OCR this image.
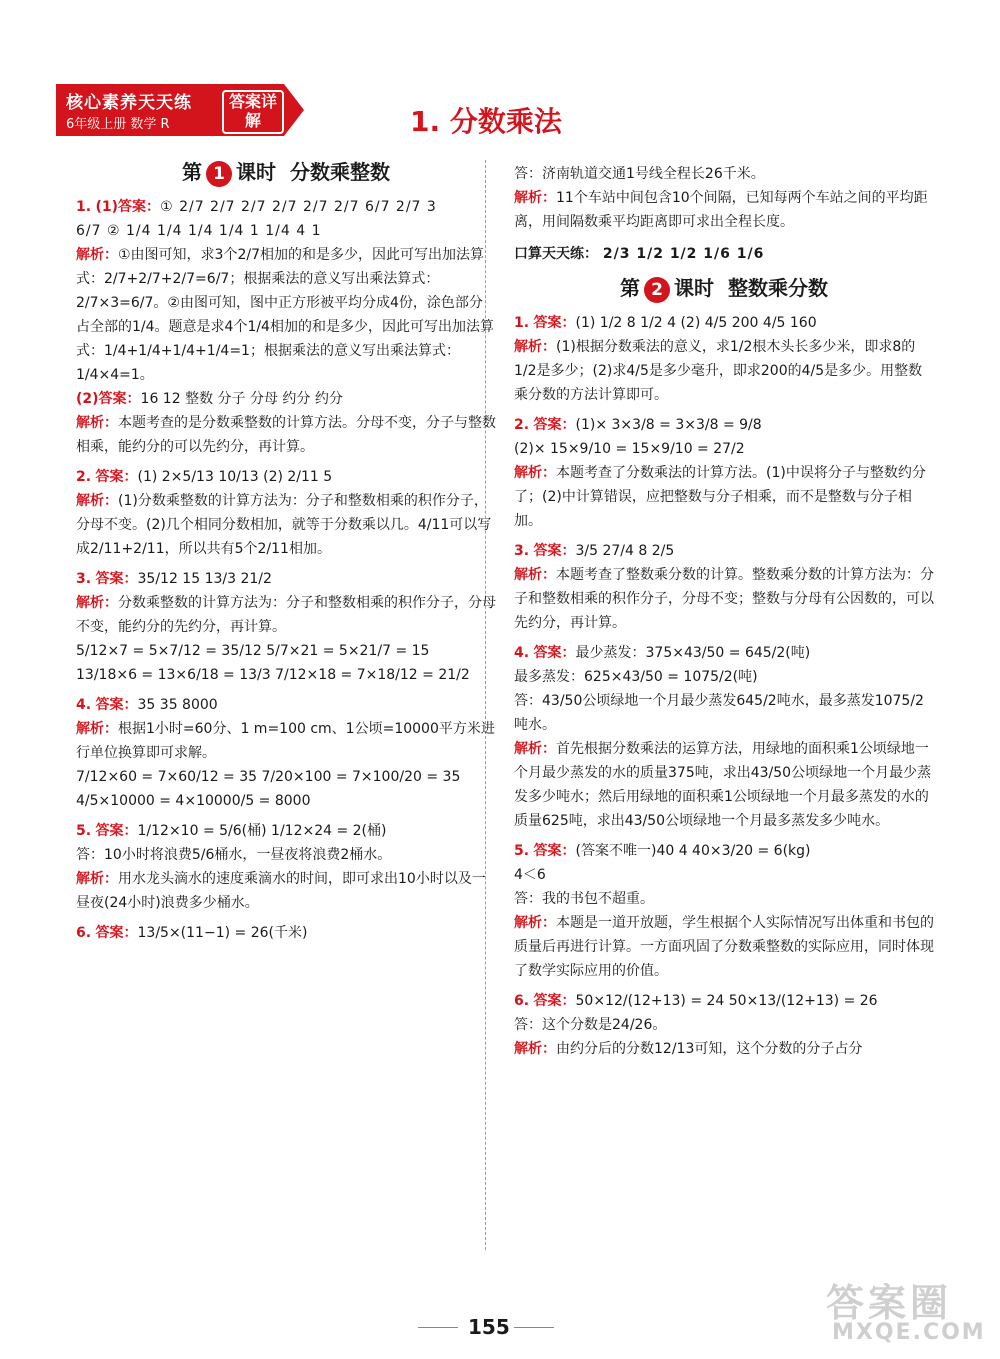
核心素养天天练
6年级上册 数学 R
答案详解	1. 分数乘法
第 1 课时 分数乘整数
1. (1)答案：① 2/7 2/7 2/7 2/7 2/7 2/7 6/7 2/7 3
6/7 ② 1/4 1/4 1/4 1/4 1 1/4 4 1
解析：①由图可知，求3个2/7相加的和是多少，因此可写出加法算式：2/7+2/7+2/7=6/7；根据乘法的意义写出乘法算式：2/7×3=6/7。②由图可知，图中正方形被平均分成4份，涂色部分占全部的1/4。题意是求4个1/4相加的和是多少，因此可写出加法算式：1/4+1/4+1/4+1/4=1；根据乘法的意义写出乘法算式：1/4×4=1。
(2)答案：16 12 整数 分子 分母 约分 约分
解析：本题考查的是分数乘整数的计算方法。分母不变，分子与整数相乘，能约分的可以先约分，再计算。
2. 答案：(1) 2×5/13 10/13 (2) 2/11 5
解析：(1)分数乘整数的计算方法为：分子和整数相乘的积作分子，分母不变。(2)几个相同分数相加，就等于分数乘以几。4/11可以写成2/11+2/11，所以共有5个2/11相加。
3. 答案：35/12 15 13/3 21/2
解析：分数乘整数的计算方法为：分子和整数相乘的积作分子，分母不变，能约分的先约分，再计算。
5/12×7 = 5×7/12 = 35/12 5/7×21 = 5×21/7 = 15
13/18×6 = 13×6/18 = 13/3 7/12×18 = 7×18/12 = 21/2
4. 答案：35 35 8000
解析：根据1小时=60分、1 m=100 cm、1公顷=10000平方米进行单位换算即可求解。
7/12×60 = 7×60/12 = 35 7/20×100 = 7×100/20 = 35
4/5×10000 = 4×10000/5 = 8000
5. 答案：1/12×10 = 5/6(桶) 1/12×24 = 2(桶)
答：10小时将浪费5/6桶水，一昼夜将浪费2桶水。
解析：用水龙头滴水的速度乘滴水的时间，即可求出10小时以及一昼夜(24小时)浪费多少桶水。
6. 答案：13/5×(11−1) = 26(千米)
答：济南轨道交通1号线全程长26千米。
解析：11个车站中间包含10个间隔，已知每两个车站之间的平均距离，用间隔数乘平均距离即可求出全程长度。
口算天天练： 2/3 1/2 1/2 1/6 1/6
第 2 课时 整数乘分数
1. 答案：(1) 1/2 8 1/2 4 (2) 4/5 200 4/5 160
解析：(1)根据分数乘法的意义，求1/2根木头长多少米，即求8的1/2是多少；(2)求4/5是多少毫升，即求200的4/5是多少。用整数乘分数的方法计算即可。
2. 答案：(1)× 3×3/8 = 3×3/8 = 9/8
(2)× 15×9/10 = 15×9/10 = 27/2
解析：本题考查了分数乘法的计算方法。(1)中误将分子与整数约分了；(2)中计算错误，应把整数与分子相乘，而不是整数与分子相加。
3. 答案：3/5 27/4 8 2/5
解析：本题考查了整数乘分数的计算。整数乘分数的计算方法为：分子和整数相乘的积作分子，分母不变；整数与分母有公因数的，可以先约分，再计算。
4. 答案：最少蒸发：375×43/50 = 645/2(吨)
最多蒸发：625×43/50 = 1075/2(吨)
答：43/50公顷绿地一个月最少蒸发645/2吨水，最多蒸发1075/2吨水。
解析：首先根据分数乘法的运算方法，用绿地的面积乘1公顷绿地一个月最少蒸发的水的质量375吨，求出43/50公顷绿地一个月最少蒸发多少吨水；然后用绿地的面积乘1公顷绿地一个月最多蒸发的水的质量625吨，求出43/50公顷绿地一个月最多蒸发多少吨水。
5. 答案：(答案不唯一)40 4 40×3/20 = 6(kg)
4＜6
答：我的书包不超重。
解析：本题是一道开放题，学生根据个人实际情况写出体重和书包的质量后再进行计算。一方面巩固了分数乘整数的实际应用，同时体现了数学实际应用的价值。
6. 答案：50×12/(12+13) = 24 50×13/(12+13) = 26
答：这个分数是24/26。
解析：由约分后的分数12/13可知，这个分数的分子占分
155
答案圈
MXQE.COM
